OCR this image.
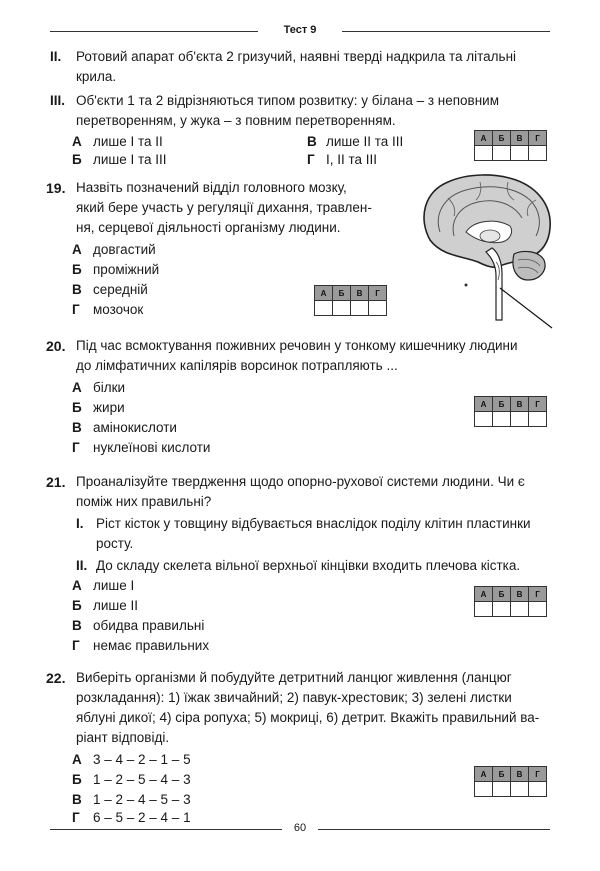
Тест 9
II. Ротовий апарат об'єкта 2 гризучий, наявні тверді надкрила та літальні
крила.
III. Об'єкти 1 та 2 відрізняються типом розвитку: у білана – з неповним
перетворенням, у жука – з повним перетворенням.
А лише I та II	В лише II та III
Б лише I та III	Г I, II та III
А	Б	В	Г

19. Назвіть позначений відділ головного мозку,
який бере участь у регуляції дихання, травлен-
ня, серцевої діяльності організму людини.
А довгастий
Б проміжний
В середній
Г мозочок
А	Б	В	Г

20. Під час всмоктування поживних речовин у тонкому кишечнику людини
до лімфатичних капілярів ворсинок потрапляють ...
А білки
Б жири
В амінокислоти
Г нуклеїнові кислоти
А	Б	В	Г

21. Проаналізуйте твердження щодо опорно-рухової системи людини. Чи є
поміж них правильні?
I. Ріст кісток у товщину відбувається внаслідок поділу клітин пластинки
росту.
II. До складу скелета вільної верхньої кінцівки входить плечова кістка.
А лише I
Б лише II
В обидва правильні
Г немає правильних
А	Б	В	Г

22. Виберіть організми й побудуйте детритний ланцюг живлення (ланцюг
розкладання): 1) їжак звичайний; 2) павук-хрестовик; 3) зелені листки
яблуні дикої; 4) сіра ропуха; 5) мокриці, 6) детрит. Вкажіть правильний ва-
ріант відповіді.
А 3 – 4 – 2 – 1 – 5
Б 1 – 2 – 5 – 4 – 3
В 1 – 2 – 4 – 5 – 3
Г 6 – 5 – 2 – 4 – 1
А	Б	В	Г

60
